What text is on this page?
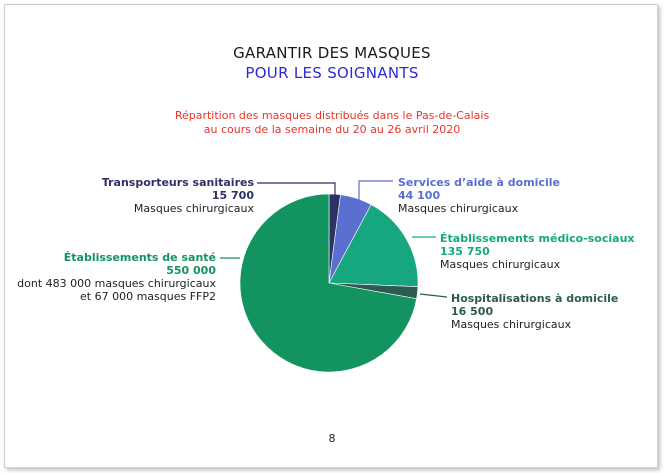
GARANTIR DES MASQUES
POUR LES SOIGNANTS
Répartition des masques distribués dans le Pas-de-Calais
au cours de la semaine du 20 au 26 avril 2020
Transporteurs sanitaires
15 700
Masques chirurgicaux
Services d’aide à domicile
44 100
Masques chirurgicaux
Établissements médico-sociaux
135 750
Masques chirurgicaux
Hospitalisations à domicile
16 500
Masques chirurgicaux
Établissements de santé
550 000
dont 483 000 masques chirurgicaux
et 67 000 masques FFP2
8
